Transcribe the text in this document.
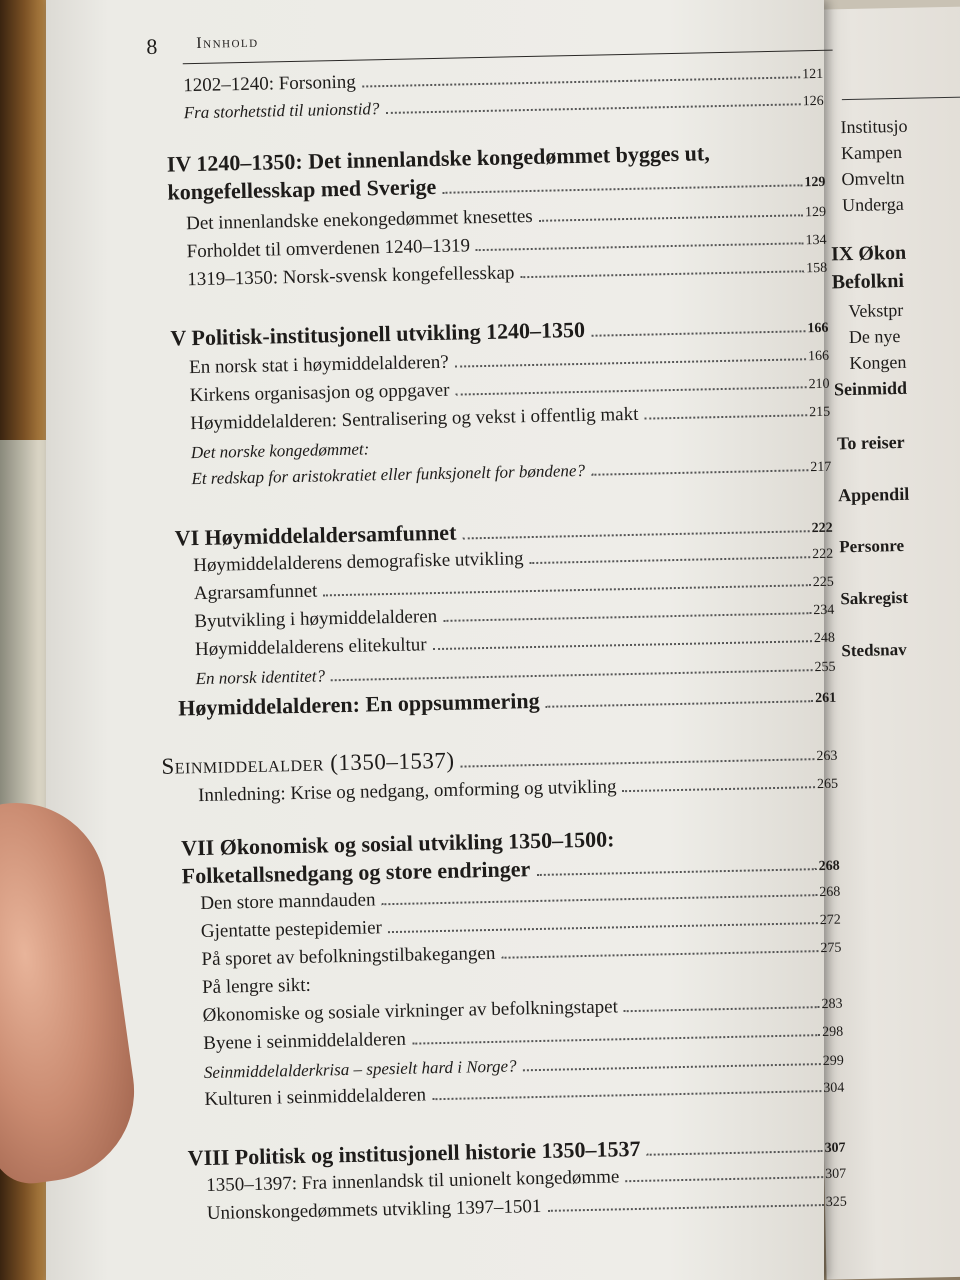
Institusjo
Kampen
Omveltn
Underga
IX Økon
Befolkni
Vekstpr
De nye
Kongen
Seinmidd
To reiser
Appendil
Personre
Sakregist
Stedsnav
8 Innhold
1202–1240: Forsoning	121
Fra storhetstid til unionstid?	126
IV 1240–1350: Det innenlandske kongedømmet bygges ut,
kongefellesskap med Sverige	129
Det innenlandske enekongedømmet knesettes	129
Forholdet til omverdenen 1240–1319	134
1319–1350: Norsk-svensk kongefellesskap	158
V Politisk-institusjonell utvikling 1240–1350	166
En norsk stat i høymiddelalderen?	166
Kirkens organisasjon og oppgaver	210
Høymiddelalderen: Sentralisering og vekst i offentlig makt	215
Det norske kongedømmet:
Et redskap for aristokratiet eller funksjonelt for bøndene?	217
VI Høymiddelaldersamfunnet	222
Høymiddelalderens demografiske utvikling	222
Agrarsamfunnet	225
Byutvikling i høymiddelalderen	234
Høymiddelalderens elitekultur	248
En norsk identitet?	255
Høymiddelalderen: En oppsummering	261
Seinmiddelalder (1350–1537)	263
Innledning: Krise og nedgang, omforming og utvikling	265
VII Økonomisk og sosial utvikling 1350–1500:
Folketallsnedgang og store endringer	268
Den store manndauden	268
Gjentatte pestepidemier	272
På sporet av befolkningstilbakegangen	275
På lengre sikt:
Økonomiske og sosiale virkninger av befolkningstapet	283
Byene i seinmiddelalderen	298
Seinmiddelalderkrisa – spesielt hard i Norge?	299
Kulturen i seinmiddelalderen	304
VIII Politisk og institusjonell historie 1350–1537	307
1350–1397: Fra innenlandsk til unionelt kongedømme	307
Unionskongedømmets utvikling 1397–1501	325
